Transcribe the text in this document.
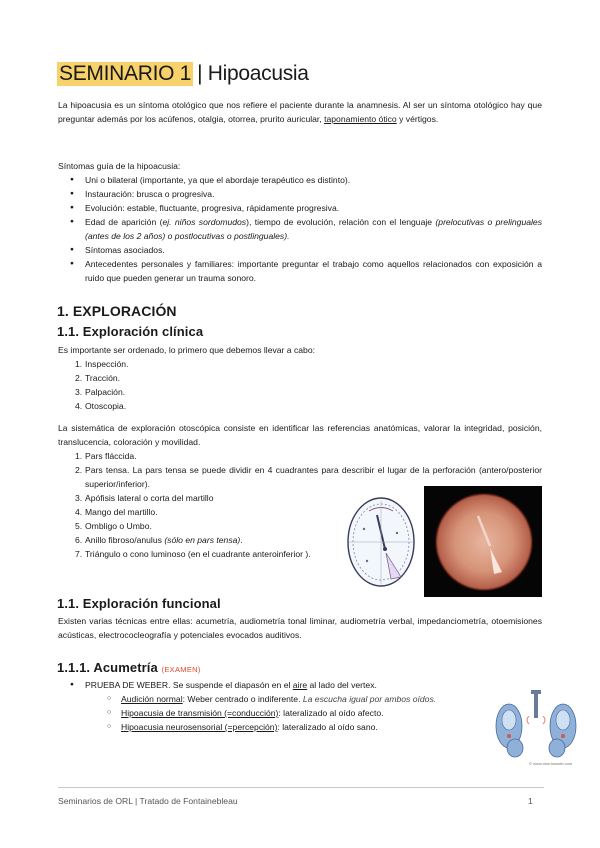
SEMINARIO 1 | Hipoacusia
La hipoacusia es un síntoma otológico que nos refiere el paciente durante la anamnesis. Al ser un síntoma otológico hay que preguntar además por los acúfenos, otalgia, otorrea, prurito auricular, taponamiento ótico y vértigos.
Síntomas guía de la hipoacusia:
● Uni o bilateral (importante, ya que el abordaje terapéutico es distinto).
● Instauración: brusca o progresiva.
● Evolución: estable, fluctuante, progresiva, rápidamente progresiva.
● Edad de aparición (ej. niños sordomudos), tiempo de evolución, relación con el lenguaje (prelocutivas o prelinguales (antes de los 2 años) o postlocutivas o postlinguales).
● Síntomas asociados.
● Antecedentes personales y familiares: importante preguntar el trabajo como aquellos relacionados con exposición a ruido que pueden generar un trauma sonoro.
1. EXPLORACIÓN
1.1. Exploración clínica
Es importante ser ordenado, lo primero que debemos llevar a cabo:
1. Inspección.
2. Tracción.
3. Palpación.
4. Otoscopia.
La sistemática de exploración otoscópica consiste en identificar las referencias anatómicas, valorar la integridad, posición, translucencia, coloración y movilidad.
1. Pars fláccida.
2. Pars tensa. La pars tensa se puede dividir en 4 cuadrantes para describir el lugar de la perforación (antero/posterior superior/inferior).
3. Apófisis lateral o corta del martillo
4. Mango del martillo.
5. Ombligo o Umbo.
6. Anillo fibroso/anulus (sólo en pars tensa).
7. Triángulo o cono luminoso (en el cuadrante anteroinferior ).
1.1. Exploración funcional
Existen varias técnicas entre ellas: acumetría, audiometría tonal liminar, audiometría verbal, impedanciometría, otoemisiones acústicas, electrococleografía y potenciales evocados auditivos.
1.1.1. Acumetría (EXAMEN)
● PRUEBA DE WEBER. Se suspende el diapasón en el aire al lado del vertex.
○ Audición normal: Weber centrado o indiferente. La escucha igual por ambos oídos.
○ Hipoacusia de transmisión (=conducción): lateralizado al oído afecto.
○ Hipoacusia neurosensorial (=percepción): lateralizado al oído sano.
© www.otorrinoweb.com
Seminarios de ORL | Tratado de Fontainebleau	1
